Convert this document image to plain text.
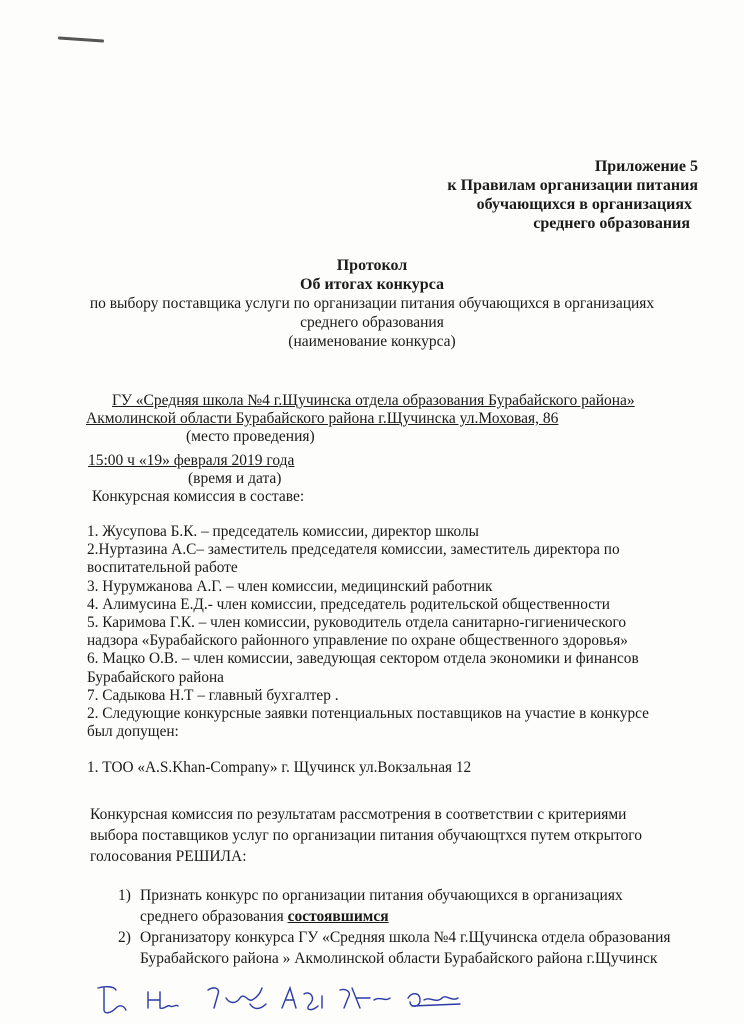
Приложение 5
к Правилам организации питания
обучающихся в организациях
среднего образования
Протокол
Об итогах конкурса
по выбору поставщика услуги по организации питания обучающихся в организациях
среднего образования
(наименование конкурса)
ГУ «Средняя школа №4 г.Щучинска отдела образования Бурабайского района»
Акмолинской области Бурабайского района г.Щучинска ул.Моховая, 86
(место проведения)
15:00 ч «19» февраля 2019 года
(время и дата)
Конкурсная комиссия в составе:
1. Жусупова Б.К. – председатель комиссии, директор школы
2.Нуртазина А.С– заместитель председателя комиссии, заместитель директора по
воспитательной работе
3. Нурумжанова А.Г. – член комиссии, медицинский работник
4. Алимусина Е.Д.- член комиссии, председатель родительской общественности
5. Каримова Г.К. – член комиссии, руководитель отдела санитарно-гигиенического
надзора «Бурабайского районного управление по охране общественного здоровья»
6. Мацко О.В. – член комиссии, заведующая сектором отдела экономики и финансов
Бурабайского района
7. Садыкова Н.Т – главный бухгалтер .
2. Следующие конкурсные заявки потенциальных поставщиков на участие в конкурсе
был допущен:
1. ТОО «A.S.Khan-Company» г. Щучинск ул.Вокзальная 12
Конкурсная комиссия по результатам рассмотрения в соответствии с критериями
выбора поставщиков услуг по организации питания обучающтхся путем открытого
голосования РЕШИЛА:
1) Признать конкурс по организации питания обучающихся в организациях
среднего образования состоявшимся
2) Организатору конкурса ГУ «Средняя школа №4 г.Щучинска отдела образования
Бурабайского района » Акмолинской области Бурабайского района г.Щучинск
